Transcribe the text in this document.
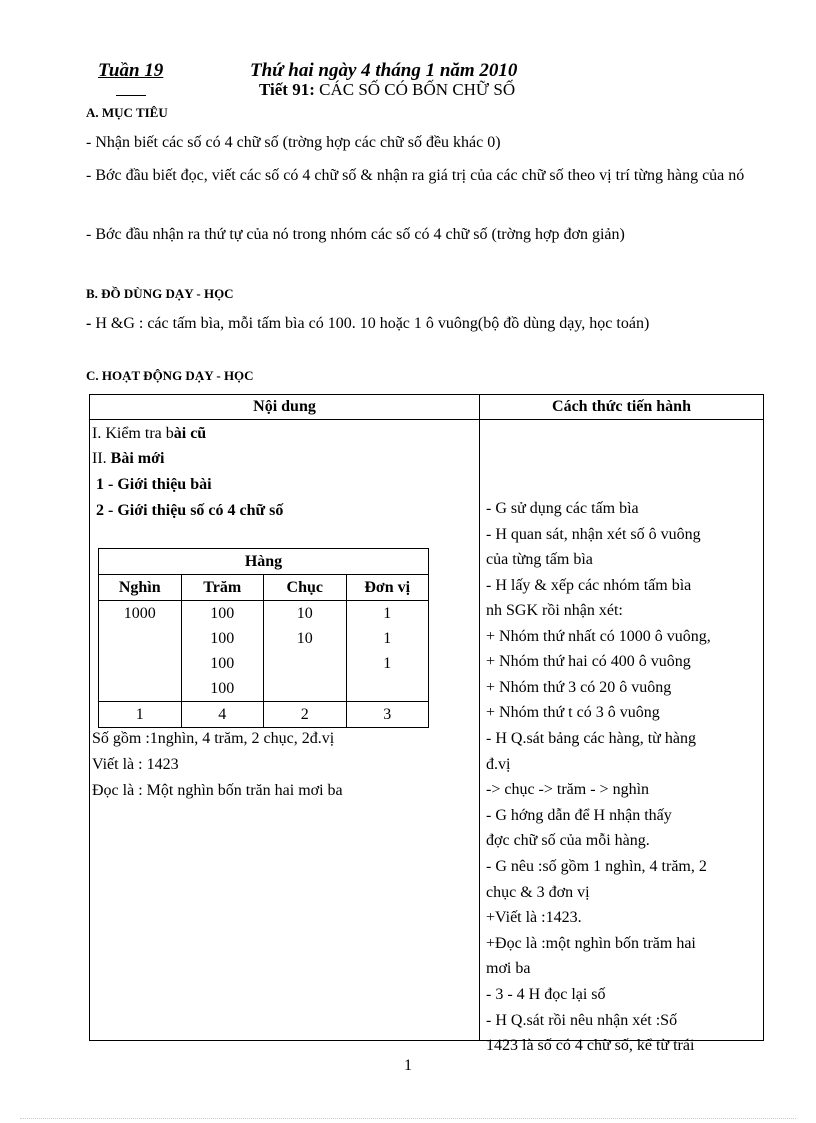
Tuần 19	Thứ hai ngày 4 tháng 1 năm 2010
Tiết 91: CÁC SỐ CÓ BỐN CHỮ SỐ
A. MỤC TIÊU
- Nhận biết các số có 4 chữ số (trờng hợp các chữ số đều khác 0)
- Bớc đầu biết đọc, viết các số có 4 chữ số & nhận ra giá trị của các chữ số theo vị trí từng hàng của nó
- Bớc đầu nhận ra thứ tự của nó trong nhóm các số có 4 chữ số (trờng hợp đơn giản)
B. ĐỒ DÙNG DẠY - HỌC
- H &G : các tấm bìa, mỗi tấm bìa có 100. 10 hoặc 1 ô vuông(bộ đồ dùng dạy, học toán)
C. HOẠT ĐỘNG DẠY - HỌC
Nội dung	Cách thức tiến hành

I. Kiểm tra bài cũ
II. Bài mới
1 - Giới thiệu bài
2 - Giới thiệu số có 4 chữ số
Hàng
Nghìn	Trăm	Chục	Đơn vị
1000	100	10	1
	100	10	1
	100		1
	100		
1	4	2	3
Số gồm :1nghìn, 4 trăm, 2 chục, 2đ.vị
Viết là : 1423
Đọc là : Một nghìn bốn trăn hai mơi ba

- G sử dụng các tấm bìa
- H quan sát, nhận xét số ô vuông
của từng tấm bìa
- H lấy & xếp các nhóm tấm bìa
nh SGK rồi nhận xét:
+ Nhóm thứ nhất có 1000 ô vuông,
+ Nhóm thứ hai có 400 ô vuông
+ Nhóm thứ 3 có 20 ô vuông
+ Nhóm thứ t có 3 ô vuông
- H Q.sát bảng các hàng, từ hàng
đ.vị
-> chục -> trăm - > nghìn
- G hớng dẫn để H nhận thấy
đợc chữ số của mỗi hàng.
- G nêu :số gồm 1 nghìn, 4 trăm, 2
chục & 3 đơn vị
+Viết là :1423.
+Đọc là :một nghìn bốn trăm hai
mơi ba
- 3 - 4 H đọc lại số
- H Q.sát rồi nêu nhận xét :Số
1423 là số có 4 chữ số, kể từ trái
1
